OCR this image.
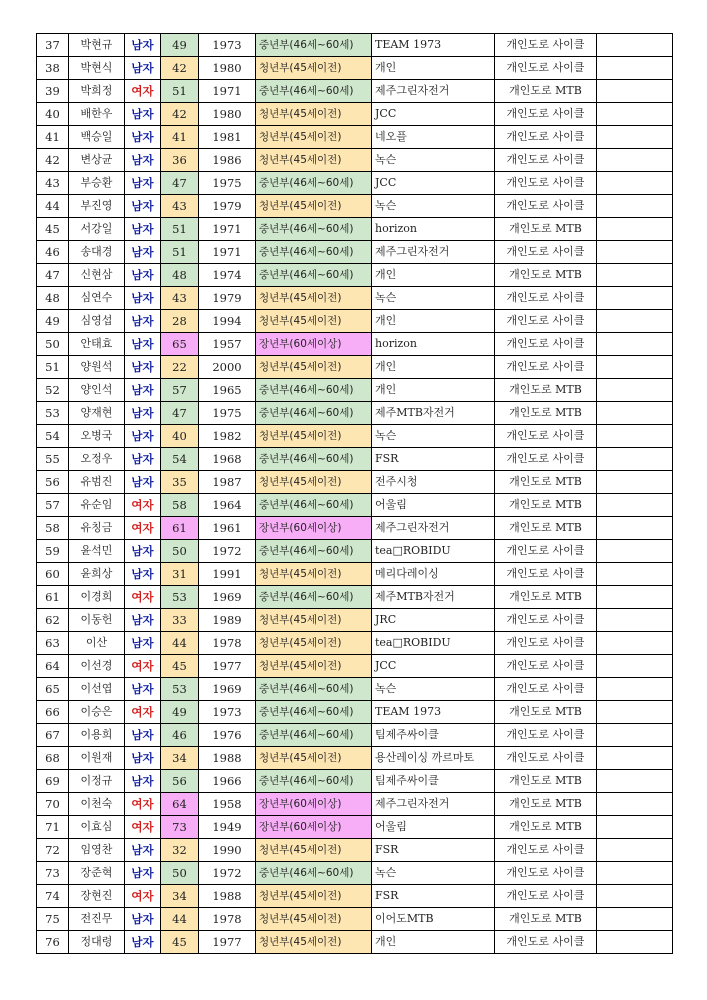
37	박현규	남자	49	1973	중년부(46세~60세)	TEAM 1973	개인도로 사이클	
38	박현식	남자	42	1980	청년부(45세이전)	개인	개인도로 사이클	
39	박희정	여자	51	1971	중년부(46세~60세)	제주그린자전거	개인도로 MTB	
40	배한우	남자	42	1980	청년부(45세이전)	JCC	개인도로 사이클	
41	백승일	남자	41	1981	청년부(45세이전)	네오플	개인도로 사이클	
42	변상균	남자	36	1986	청년부(45세이전)	녹슨	개인도로 사이클	
43	부승환	남자	47	1975	중년부(46세~60세)	JCC	개인도로 사이클	
44	부진영	남자	43	1979	청년부(45세이전)	녹슨	개인도로 사이클	
45	서강일	남자	51	1971	중년부(46세~60세)	horizon	개인도로 MTB	
46	송대경	남자	51	1971	중년부(46세~60세)	제주그린자전거	개인도로 사이클	
47	신현삼	남자	48	1974	중년부(46세~60세)	개인	개인도로 MTB	
48	심연수	남자	43	1979	청년부(45세이전)	녹슨	개인도로 사이클	
49	심영섭	남자	28	1994	청년부(45세이전)	개인	개인도로 사이클	
50	안태효	남자	65	1957	장년부(60세이상)	horizon	개인도로 사이클	
51	양원석	남자	22	2000	청년부(45세이전)	개인	개인도로 사이클	
52	양인석	남자	57	1965	중년부(46세~60세)	개인	개인도로 MTB	
53	양재현	남자	47	1975	중년부(46세~60세)	제주MTB자전거	개인도로 MTB	
54	오병국	남자	40	1982	청년부(45세이전)	녹슨	개인도로 사이클	
55	오정우	남자	54	1968	중년부(46세~60세)	FSR	개인도로 사이클	
56	유범진	남자	35	1987	청년부(45세이전)	전주시청	개인도로 MTB	
57	유순임	여자	58	1964	중년부(46세~60세)	어울림	개인도로 MTB	
58	유칭금	여자	61	1961	장년부(60세이상)	제주그린자전거	개인도로 MTB	
59	윤석민	남자	50	1972	중년부(46세~60세)	tea□ROBIDU	개인도로 사이클	
60	윤희상	남자	31	1991	청년부(45세이전)	메리다레이싱	개인도로 사이클	
61	이경희	여자	53	1969	중년부(46세~60세)	제주MTB자전거	개인도로 MTB	
62	이동헌	남자	33	1989	청년부(45세이전)	JRC	개인도로 사이클	
63	이산	남자	44	1978	청년부(45세이전)	tea□ROBIDU	개인도로 사이클	
64	이선경	여자	45	1977	청년부(45세이전)	JCC	개인도로 사이클	
65	이선엽	남자	53	1969	중년부(46세~60세)	녹슨	개인도로 사이클	
66	이승은	여자	49	1973	중년부(46세~60세)	TEAM 1973	개인도로 MTB	
67	이용희	남자	46	1976	중년부(46세~60세)	팀제주싸이클	개인도로 사이클	
68	이원재	남자	34	1988	청년부(45세이전)	용산레이싱 까르마토	개인도로 사이클	
69	이정규	남자	56	1966	중년부(46세~60세)	팀제주싸이클	개인도로 MTB	
70	이천숙	여자	64	1958	장년부(60세이상)	제주그린자전거	개인도로 MTB	
71	이효심	여자	73	1949	장년부(60세이상)	어울림	개인도로 MTB	
72	임영찬	남자	32	1990	청년부(45세이전)	FSR	개인도로 사이클	
73	장준혁	남자	50	1972	중년부(46세~60세)	녹슨	개인도로 사이클	
74	장현진	여자	34	1988	청년부(45세이전)	FSR	개인도로 사이클	
75	전진무	남자	44	1978	청년부(45세이전)	이어도MTB	개인도로 MTB	
76	정대령	남자	45	1977	청년부(45세이전)	개인	개인도로 사이클	
